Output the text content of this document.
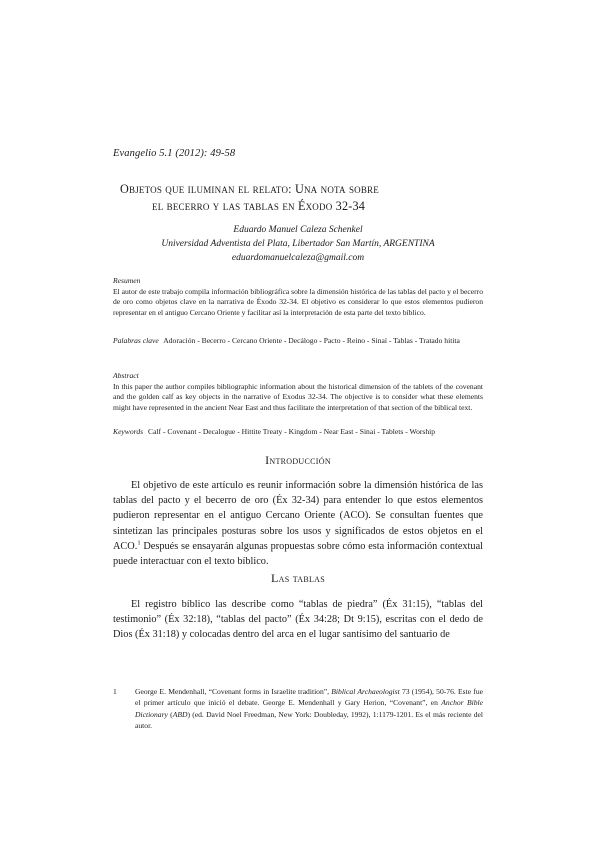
Evangelio 5.1 (2012): 49-58
Objetos que iluminan el relato: Una nota sobre
el becerro y las tablas en Éxodo 32-34
Eduardo Manuel Caleza Schenkel
Universidad Adventista del Plata, Libertador San Martín, ARGENTINA
eduardomanuelcaleza@gmail.com
Resumen
El autor de este trabajo compila información bibliográfica sobre la dimensión histórica de las tablas del pacto y el becerro de oro como objetos clave en la narrativa de Éxodo 32-34. El objetivo es considerar lo que estos elementos pudieron representar en el antiguo Cercano Oriente y facilitar así la interpretación de esta parte del texto bíblico.
Palabras clave Adoración - Becerro - Cercano Oriente - Decálogo - Pacto - Reino - Sinaí - Tablas - Tratado hitita
Abstract
In this paper the author compiles bibliographic information about the historical dimension of the tablets of the covenant and the golden calf as key objects in the narrative of Exodus 32-34. The objective is to consider what these elements might have represented in the ancient Near East and thus facilitate the interpretation of that section of the biblical text.
Keywords Calf - Covenant - Decalogue - Hittite Treaty - Kingdom - Near East - Sinai - Tablets - Worship
Introducción

El objetivo de este artículo es reunir información sobre la dimensión histórica de las tablas del pacto y el becerro de oro (Éx 32-34) para entender lo que estos elementos pudieron representar en el antiguo Cercano Oriente (ACO). Se consultan fuentes que sintetizan las principales posturas sobre los usos y significados de estos objetos en el ACO.$^1$ Después se ensayarán algunas propuestas sobre cómo esta información contextual puede interactuar con el texto bíblico.

Las tablas

El registro bíblico las describe como “tablas de piedra” (Éx 31:15), “tablas del testimonio” (Éx 32:18), “tablas del pacto” (Éx 34:28; Dt 9:15), escritas con el dedo de Dios (Éx 31:18) y colocadas dentro del arca en el lugar santísimo del santuario de

1	George E. Mendenhall, “Covenant forms in Israelite tradition”, Biblical Archaeologist 73 (1954), 50-76. Este fue el primer artículo que inició el debate. George E. Mendenhall y Gary Herion, “Covenant”, en Anchor Bible Dictionary (ABD) (ed. David Noel Freedman, New York: Doubleday, 1992), 1:1179-1201. Es el más reciente del autor.
